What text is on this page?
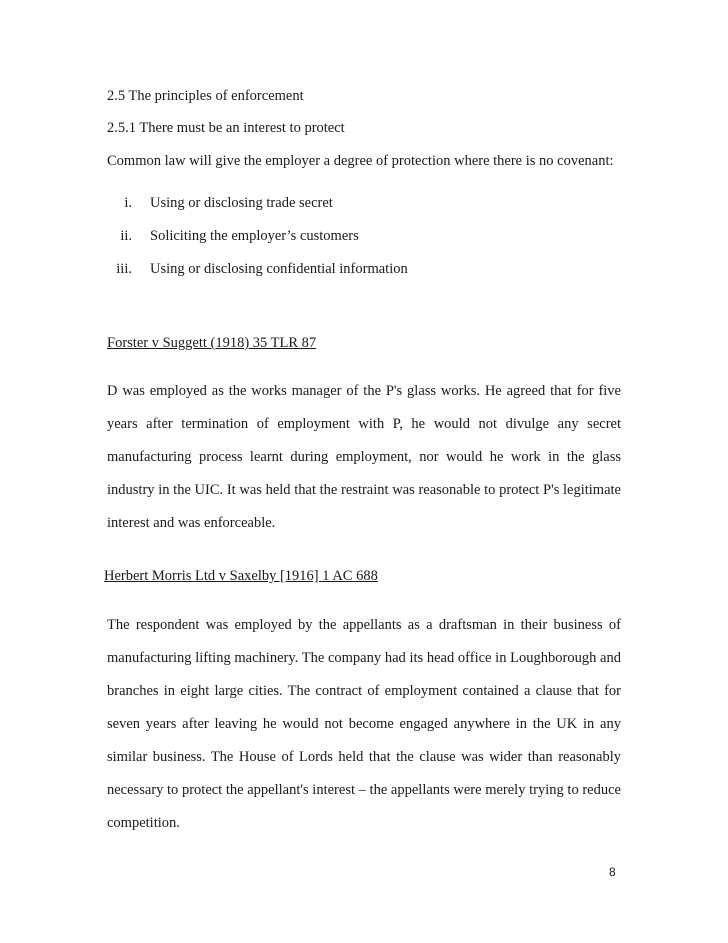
2.5 The principles of enforcement
2.5.1 There must be an interest to protect
Common law will give the employer a degree of protection where there is no covenant:
i. Using or disclosing trade secret
ii. Soliciting the employer’s customers
iii. Using or disclosing confidential information
Forster v Suggett (1918) 35 TLR 87
D was employed as the works manager of the P's glass works. He agreed that for five years after termination of employment with P, he would not divulge any secret manufacturing process learnt during employment, nor would he work in the glass industry in the UIC. It was held that the restraint was reasonable to protect P's legitimate interest and was enforceable.
Herbert Morris Ltd v Saxelby [1916] 1 AC 688
The respondent was employed by the appellants as a draftsman in their business of manufacturing lifting machinery. The company had its head office in Loughborough and branches in eight large cities. The contract of employment contained a clause that for seven years after leaving he would not become engaged anywhere in the UK in any similar business. The House of Lords held that the clause was wider than reasonably necessary to protect the appellant's interest – the appellants were merely trying to reduce competition.
8
